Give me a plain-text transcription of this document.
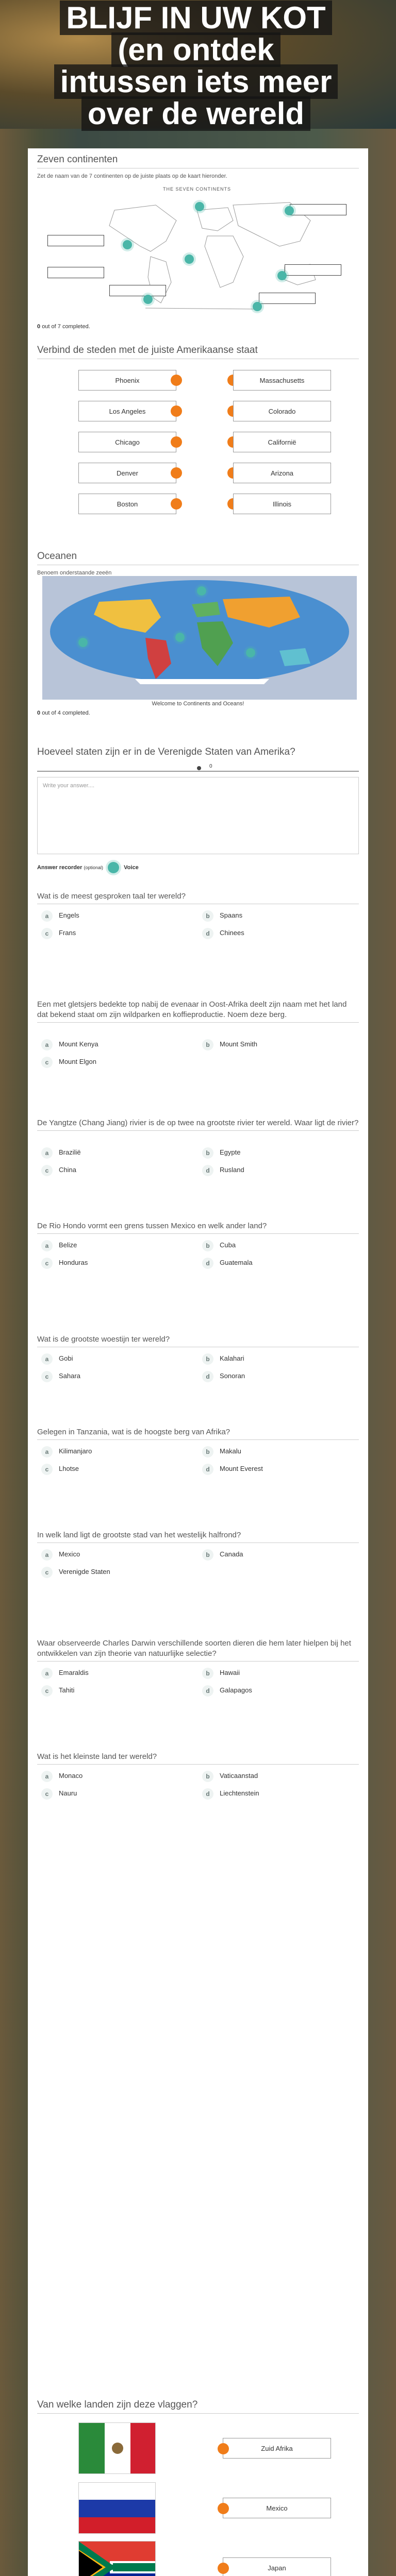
BLIJF IN UW KOT (en ontdek intussen iets meer over de wereld
Zeven continenten
Zet de naam van de 7 continenten op de juiste plaats op de kaart hieronder.
THE SEVEN CONTINENTS
0 out of 7 completed.
Verbind de steden met de juiste Amerikaanse staat
Phoenix	Massachusetts
Los Angeles	Colorado
Chicago	Californië
Denver	Arizona
Boston	Illinois
Oceanen
Benoem onderstaande zeeën
Welcome to Continents and Oceans!
0 out of 4 completed.
Hoeveel staten zijn er in de Verenigde Staten van Amerika?
0
Write your answer....
Answer recorder (optional)	Voice
Wat is de meest gesproken taal ter wereld?
a Engels	b Spaans
c Frans	d Chinees
Een met gletsjers bedekte top nabij de evenaar in Oost-Afrika deelt zijn naam met het land dat bekend staat om zijn wildparken en koffieproductie. Noem deze berg.
a Mount Kenya	b Mount Smith
c Mount Elgon
De Yangtze (Chang Jiang) rivier is de op twee na grootste rivier ter wereld. Waar ligt de rivier?
a Brazilië	b Egypte
c China	d Rusland
De Rio Hondo vormt een grens tussen Mexico en welk ander land?
a Belize	b Cuba
c Honduras	d Guatemala
Wat is de grootste woestijn ter wereld?
a Gobi	b Kalahari
c Sahara	d Sonoran
Gelegen in Tanzania, wat is de hoogste berg van Afrika?
a Kilimanjaro	b Makalu
c Lhotse	d Mount Everest
In welk land ligt de grootste stad van het westelijk halfrond?
a Mexico	b Canada
c Verenigde Staten
Waar observeerde Charles Darwin verschillende soorten dieren die hem later hielpen bij het ontwikkelen van zijn theorie van natuurlijke selectie?
a Emaraldis	b Hawaii
c Tahiti	d Galapagos
Wat is het kleinste land ter wereld?
a Monaco	b Vaticaanstad
c Nauru	d Liechtenstein
Van welke landen zijn deze vlaggen?
Zuid Afrika
Mexico
Japan
